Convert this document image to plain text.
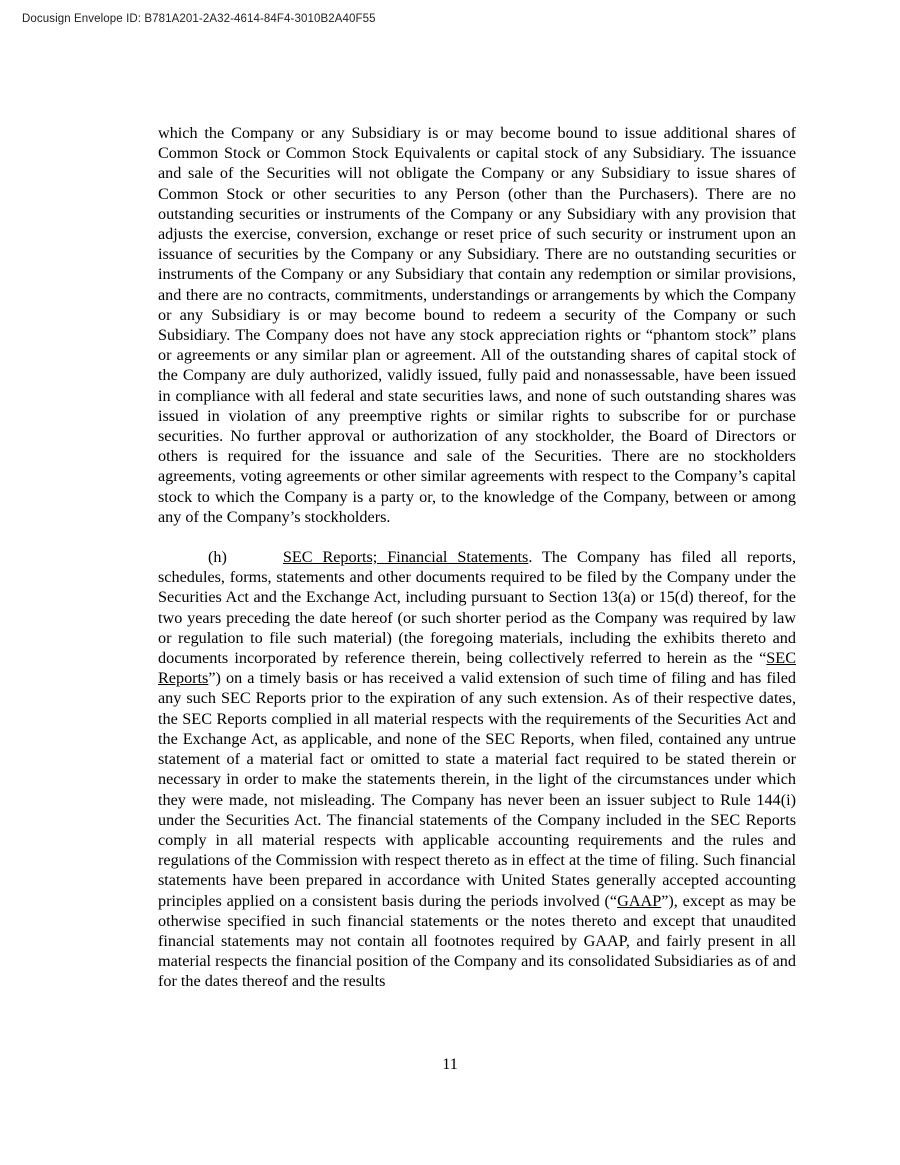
Docusign Envelope ID: B781A201-2A32-4614-84F4-3010B2A40F55

which the Company or any Subsidiary is or may become bound to issue additional shares of Common Stock or Common Stock Equivalents or capital stock of any Subsidiary. The issuance and sale of the Securities will not obligate the Company or any Subsidiary to issue shares of Common Stock or other securities to any Person (other than the Purchasers). There are no outstanding securities or instruments of the Company or any Subsidiary with any provision that adjusts the exercise, conversion, exchange or reset price of such security or instrument upon an issuance of securities by the Company or any Subsidiary. There are no outstanding securities or instruments of the Company or any Subsidiary that contain any redemption or similar provisions, and there are no contracts, commitments, understandings or arrangements by which the Company or any Subsidiary is or may become bound to redeem a security of the Company or such Subsidiary. The Company does not have any stock appreciation rights or “phantom stock” plans or agreements or any similar plan or agreement. All of the outstanding shares of capital stock of the Company are duly authorized, validly issued, fully paid and nonassessable, have been issued in compliance with all federal and state securities laws, and none of such outstanding shares was issued in violation of any preemptive rights or similar rights to subscribe for or purchase securities. No further approval or authorization of any stockholder, the Board of Directors or others is required for the issuance and sale of the Securities. There are no stockholders agreements, voting agreements or other similar agreements with respect to the Company’s capital stock to which the Company is a party or, to the knowledge of the Company, between or among any of the Company’s stockholders.

(h)	SEC Reports; Financial Statements. The Company has filed all reports, schedules, forms, statements and other documents required to be filed by the Company under the Securities Act and the Exchange Act, including pursuant to Section 13(a) or 15(d) thereof, for the two years preceding the date hereof (or such shorter period as the Company was required by law or regulation to file such material) (the foregoing materials, including the exhibits thereto and documents incorporated by reference therein, being collectively referred to herein as the “SEC Reports”) on a timely basis or has received a valid extension of such time of filing and has filed any such SEC Reports prior to the expiration of any such extension. As of their respective dates, the SEC Reports complied in all material respects with the requirements of the Securities Act and the Exchange Act, as applicable, and none of the SEC Reports, when filed, contained any untrue statement of a material fact or omitted to state a material fact required to be stated therein or necessary in order to make the statements therein, in the light of the circumstances under which they were made, not misleading. The Company has never been an issuer subject to Rule 144(i) under the Securities Act. The financial statements of the Company included in the SEC Reports comply in all material respects with applicable accounting requirements and the rules and regulations of the Commission with respect thereto as in effect at the time of filing. Such financial statements have been prepared in accordance with United States generally accepted accounting principles applied on a consistent basis during the periods involved (“GAAP”), except as may be otherwise specified in such financial statements or the notes thereto and except that unaudited financial statements may not contain all footnotes required by GAAP, and fairly present in all material respects the financial position of the Company and its consolidated Subsidiaries as of and for the dates thereof and the results

11
